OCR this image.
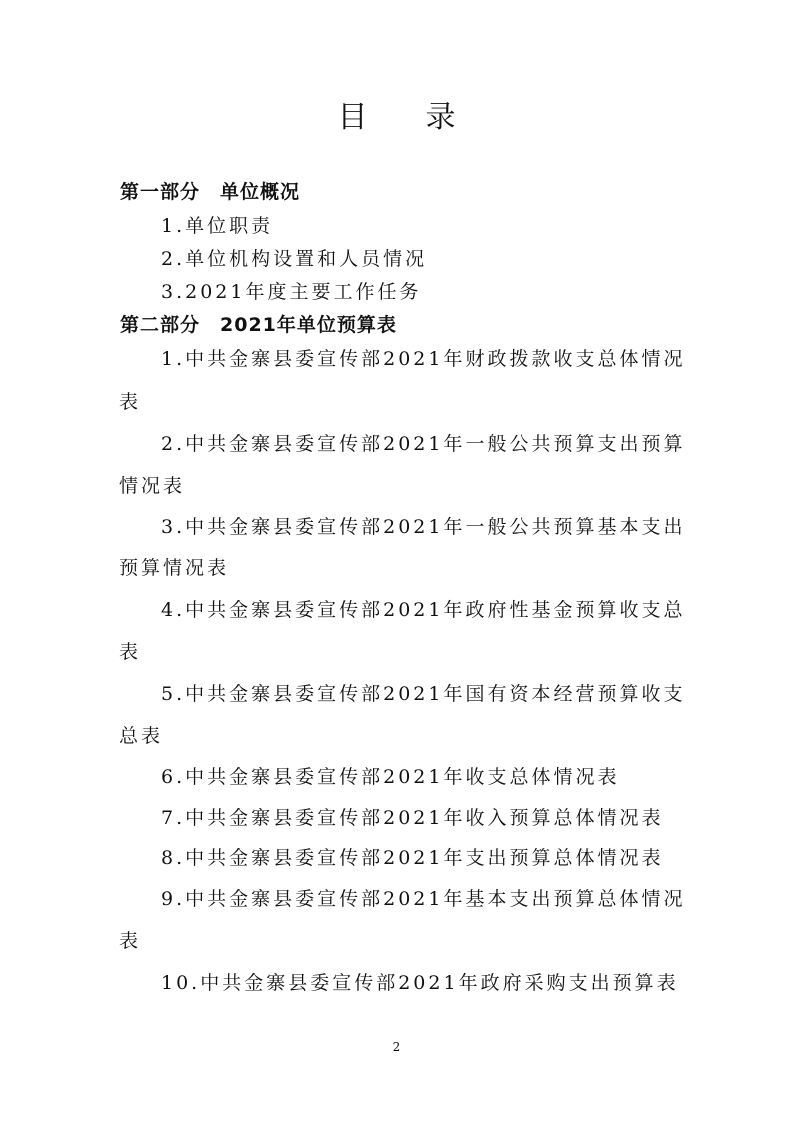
目录
第一部分　单位概况
1.单位职责
2.单位机构设置和人员情况
3.2021年度主要工作任务
第二部分　2021年单位预算表
1.中共金寨县委宣传部2021年财政拨款收支总体情况
表
2.中共金寨县委宣传部2021年一般公共预算支出预算
情况表
3.中共金寨县委宣传部2021年一般公共预算基本支出
预算情况表
4.中共金寨县委宣传部2021年政府性基金预算收支总
表
5.中共金寨县委宣传部2021年国有资本经营预算收支
总表
6.中共金寨县委宣传部2021年收支总体情况表
7.中共金寨县委宣传部2021年收入预算总体情况表
8.中共金寨县委宣传部2021年支出预算总体情况表
9.中共金寨县委宣传部2021年基本支出预算总体情况
表
10.中共金寨县委宣传部2021年政府采购支出预算表
2
